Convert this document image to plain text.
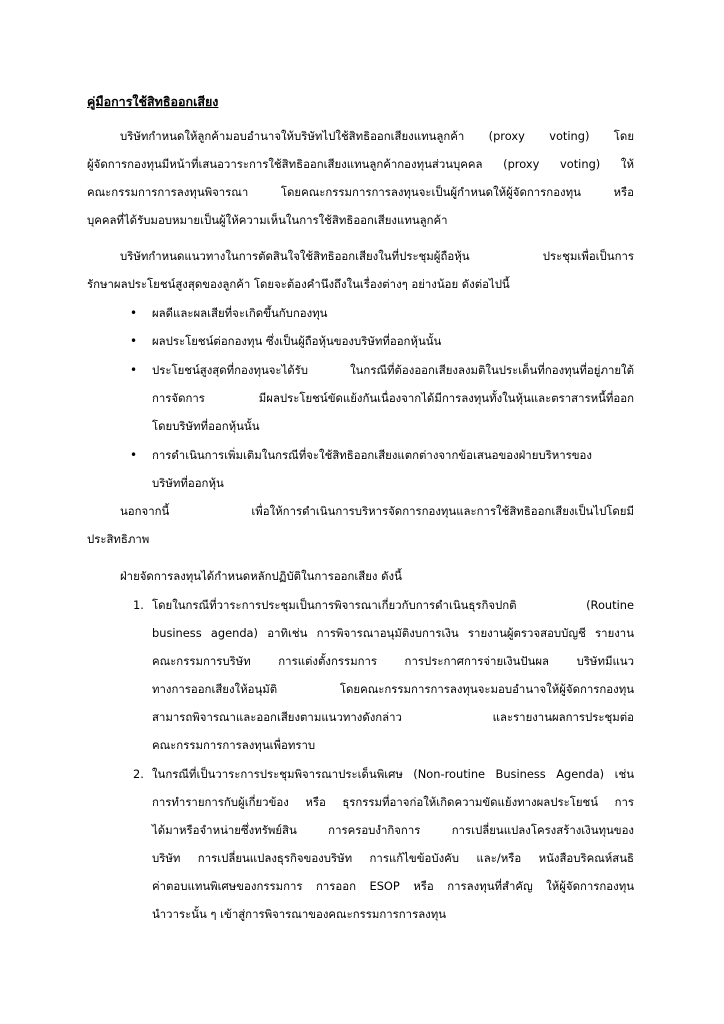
คู่มือการใช้สิทธิออกเสียง
บริษัทกำหนดให้ลูกค้ามอบอำนาจให้บริษัทไปใช้สิทธิออกเสียงแทนลูกค้า (proxy voting) โดย
ผู้จัดการกองทุนมีหน้าที่เสนอวาระการใช้สิทธิออกเสียงแทนลูกค้ากองทุนส่วนบุคคล (proxy voting) ให้
คณะกรรมการการลงทุนพิจารณา โดยคณะกรรมการการลงทุนจะเป็นผู้กำหนดให้ผู้จัดการกองทุน หรือ
บุคคลที่ได้รับมอบหมายเป็นผู้ให้ความเห็นในการใช้สิทธิออกเสียงแทนลูกค้า
บริษัทกำหนดแนวทางในการตัดสินใจใช้สิทธิออกเสียงในที่ประชุมผู้ถือหุ้น ประชุมเพื่อเป็นการ
รักษาผลประโยชน์สูงสุดของลูกค้า โดยจะต้องคำนึงถึงในเรื่องต่างๆ อย่างน้อย ดังต่อไปนี้
• ผลดีและผลเสียที่จะเกิดขึ้นกับกองทุน
• ผลประโยชน์ต่อกองทุน ซึ่งเป็นผู้ถือหุ้นของบริษัทที่ออกหุ้นนั้น
• ประโยชน์สูงสุดที่กองทุนจะได้รับ ในกรณีที่ต้องออกเสียงลงมติในประเด็นที่กองทุนที่อยู่ภายใต้
การจัดการ มีผลประโยชน์ขัดแย้งกันเนื่องจากได้มีการลงทุนทั้งในหุ้นและตราสารหนี้ที่ออก
โดยบริษัทที่ออกหุ้นนั้น
• การดำเนินการเพิ่มเติมในกรณีที่จะใช้สิทธิออกเสียงแตกต่างจากข้อเสนอของฝ่ายบริหารของ
บริษัทที่ออกหุ้น
นอกจากนี้ เพื่อให้การดำเนินการบริหารจัดการกองทุนและการใช้สิทธิออกเสียงเป็นไปโดยมี
ประสิทธิภาพ
ฝ่ายจัดการลงทุนได้กำหนดหลักปฏิบัติในการออกเสียง ดังนี้
1. โดยในกรณีที่วาระการประชุมเป็นการพิจารณาเกี่ยวกับการดำเนินธุรกิจปกติ (Routine
business agenda) อาทิเช่น การพิจารณาอนุมัติงบการเงิน รายงานผู้ตรวจสอบบัญชี รายงาน
คณะกรรมการบริษัท การแต่งตั้งกรรมการ การประกาศการจ่ายเงินปันผล บริษัทมีแนว
ทางการออกเสียงให้อนุมัติ โดยคณะกรรมการการลงทุนจะมอบอำนาจให้ผู้จัดการกองทุน
สามารถพิจารณาและออกเสียงตามแนวทางดังกล่าว และรายงานผลการประชุมต่อ
คณะกรรมการการลงทุนเพื่อทราบ
2. ในกรณีที่เป็นวาระการประชุมพิจารณาประเด็นพิเศษ (Non-routine Business Agenda) เช่น
การทำรายการกับผู้เกี่ยวข้อง หรือ ธุรกรรมที่อาจก่อให้เกิดความขัดแย้งทางผลประโยชน์ การ
ได้มาหรือจำหน่ายซึ่งทรัพย์สิน การครอบงำกิจการ การเปลี่ยนแปลงโครงสร้างเงินทุนของ
บริษัท การเปลี่ยนแปลงธุรกิจของบริษัท การแก้ไขข้อบังคับ และ/หรือ หนังสือบริคณห์สนธิ
ค่าตอบแทนพิเศษของกรรมการ การออก ESOP หรือ การลงทุนที่สำคัญ ให้ผู้จัดการกองทุน
นำวาระนั้น ๆ เข้าสู่การพิจารณาของคณะกรรมการการลงทุน
